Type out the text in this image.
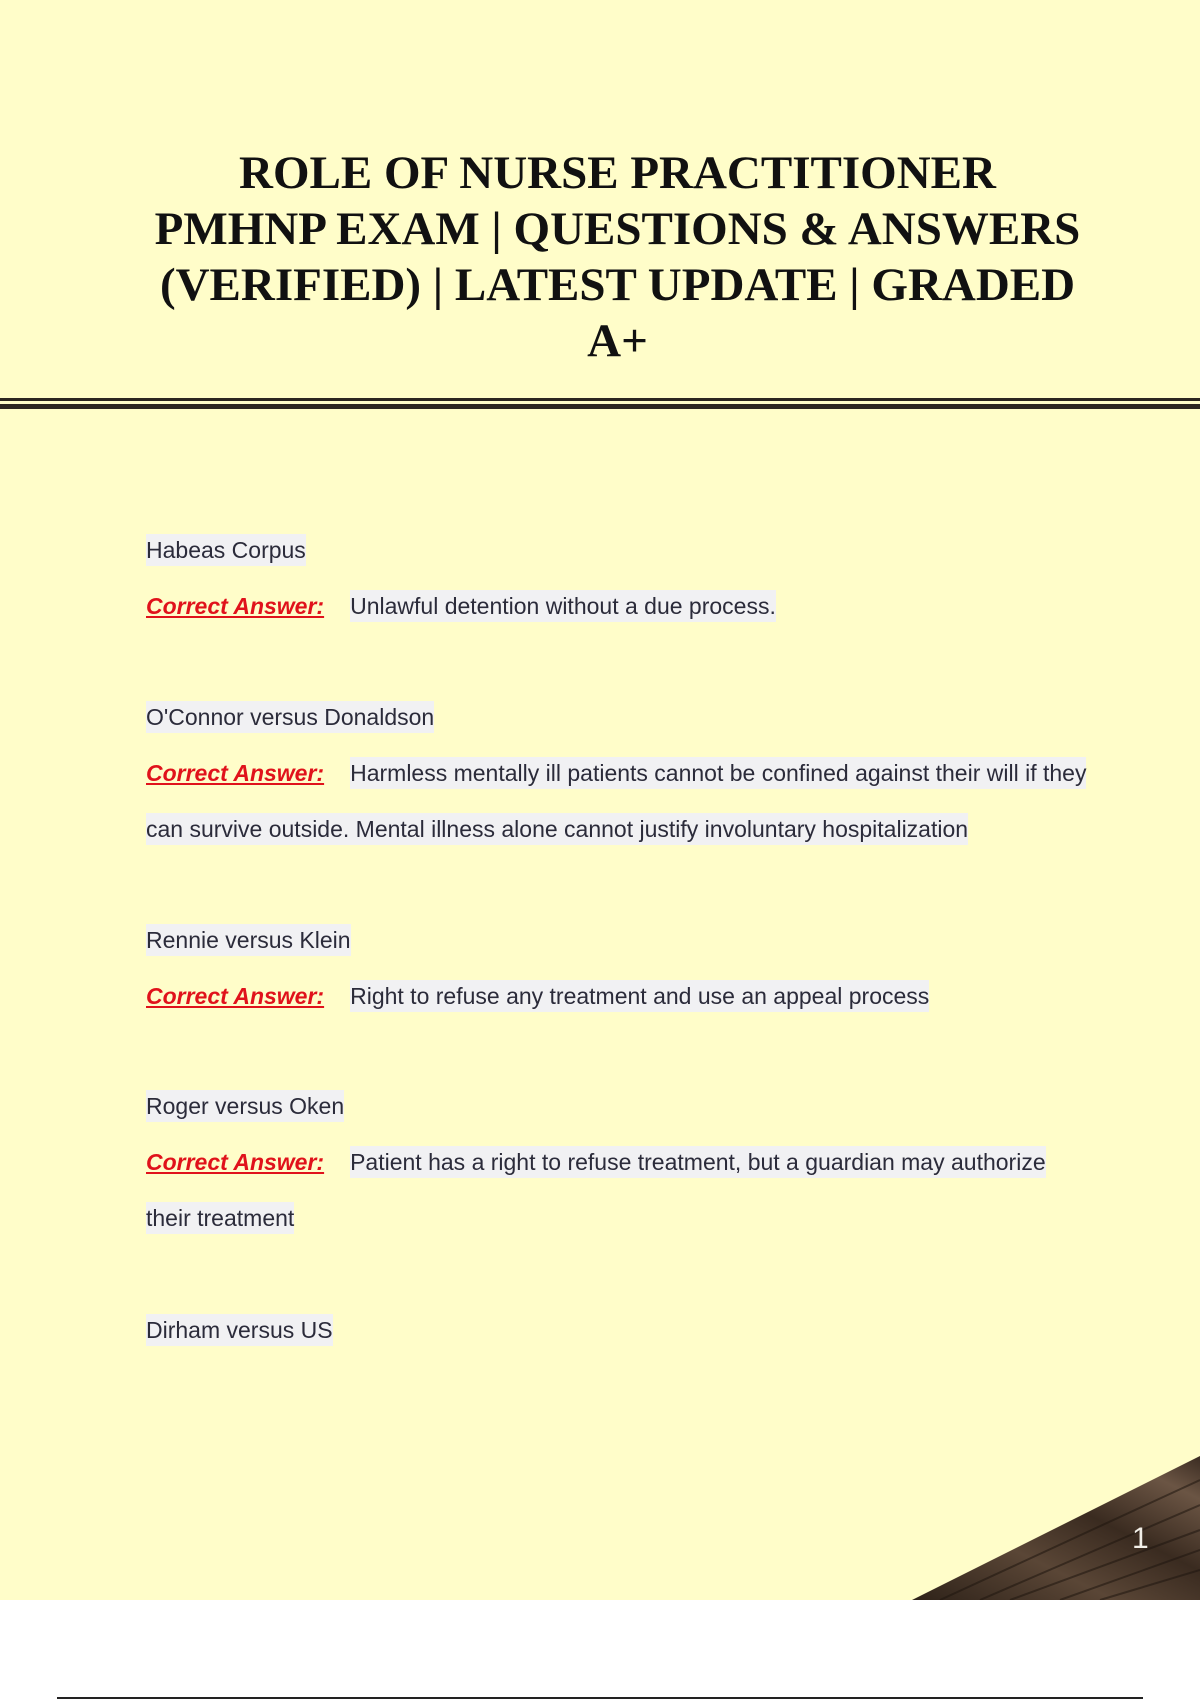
ROLE OF NURSE PRACTITIONER PMHNP EXAM | QUESTIONS & ANSWERS (VERIFIED) | LATEST UPDATE | GRADED A+

Habeas Corpus

Correct Answer: Unlawful detention without a due process.

O'Connor versus Donaldson

Correct Answer: Harmless mentally ill patients cannot be confined against their will if they can survive outside. Mental illness alone cannot justify involuntary hospitalization

Rennie versus Klein

Correct Answer: Right to refuse any treatment and use an appeal process

Roger versus Oken

Correct Answer: Patient has a right to refuse treatment, but a guardian may authorize their treatment

Dirham versus US

1
